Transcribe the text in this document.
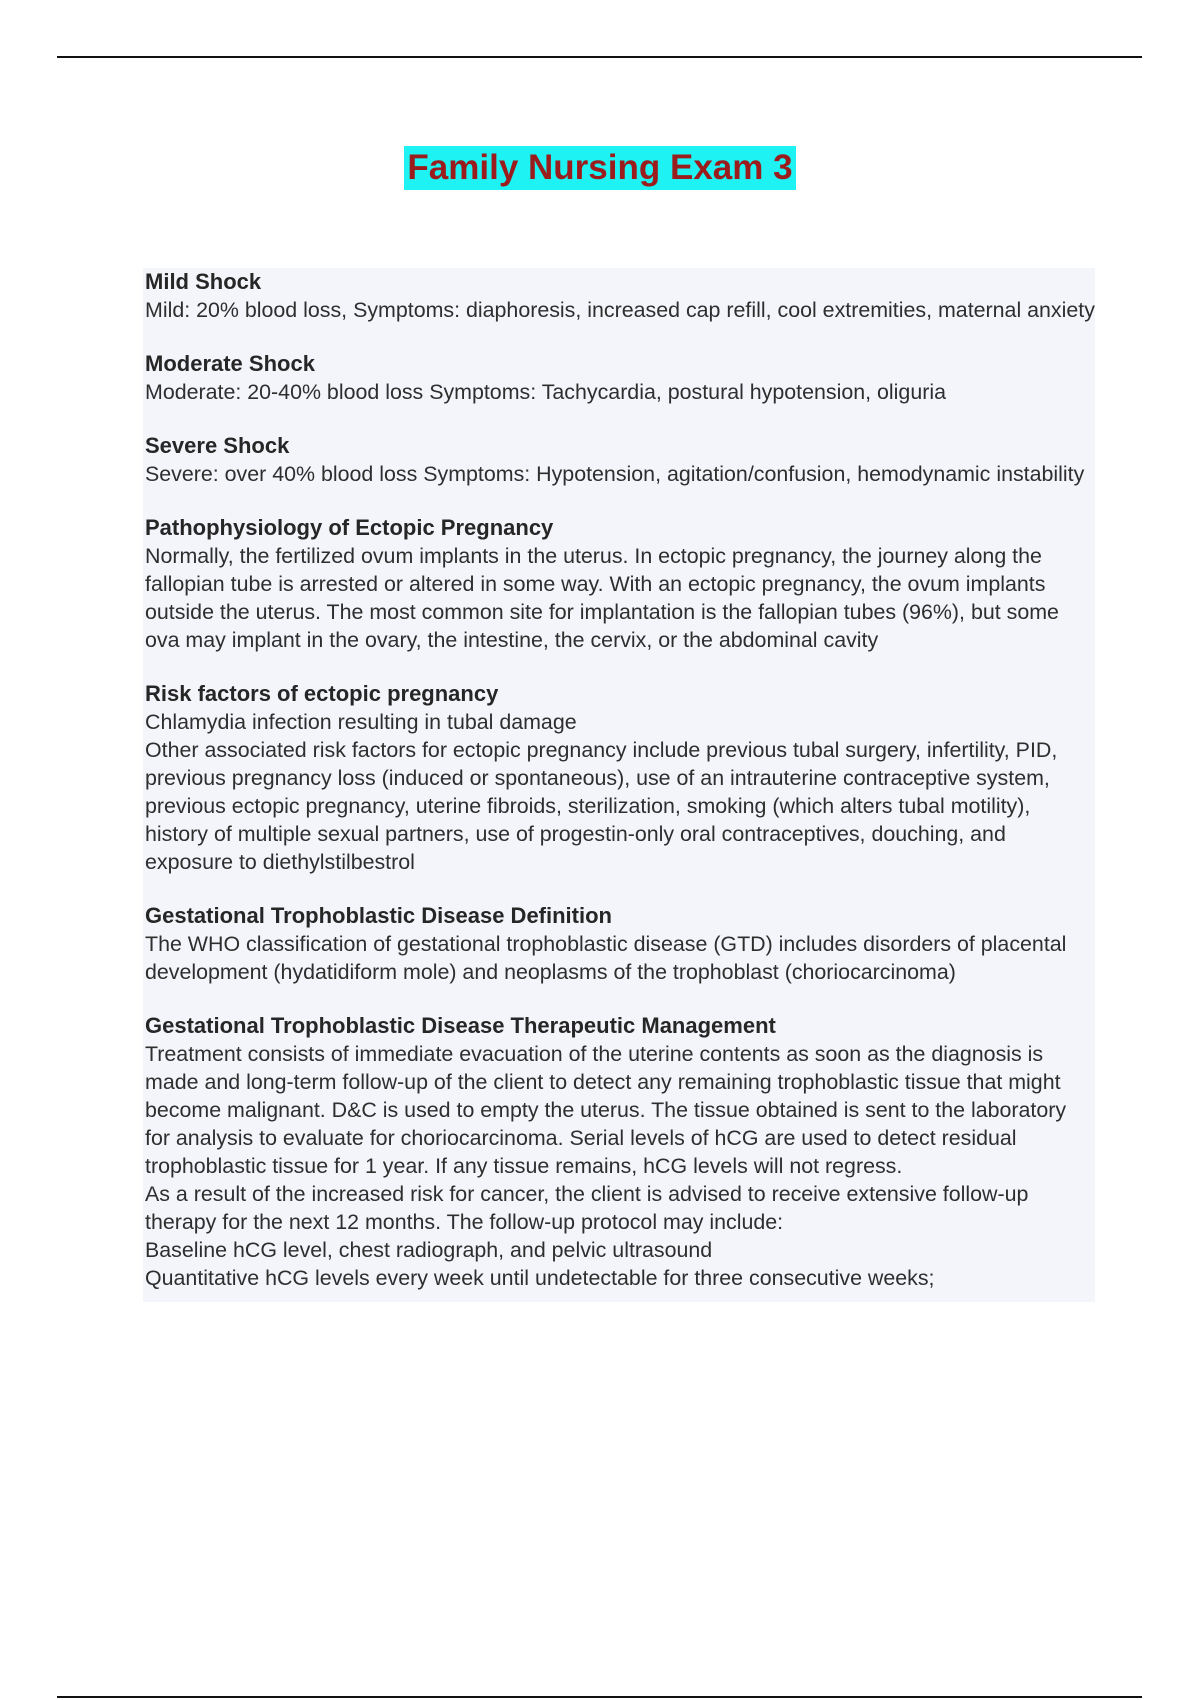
Family Nursing Exam 3
Mild Shock

Mild: 20% blood loss, Symptoms: diaphoresis, increased cap refill, cool extremities, maternal anxiety

Moderate Shock

Moderate: 20-40% blood loss Symptoms: Tachycardia, postural hypotension, oliguria

Severe Shock

Severe: over 40% blood loss Symptoms: Hypotension, agitation/confusion, hemodynamic instability

Pathophysiology of Ectopic Pregnancy

Normally, the fertilized ovum implants in the uterus. In ectopic pregnancy, the journey along the fallopian tube is arrested or altered in some way. With an ectopic pregnancy, the ovum implants outside the uterus. The most common site for implantation is the fallopian tubes (96%), but some ova may implant in the ovary, the intestine, the cervix, or the abdominal cavity

Risk factors of ectopic pregnancy

Chlamydia infection resulting in tubal damage

Other associated risk factors for ectopic pregnancy include previous tubal surgery, infertility, PID, previous pregnancy loss (induced or spontaneous), use of an intrauterine contraceptive system, previous ectopic pregnancy, uterine fibroids, sterilization, smoking (which alters tubal motility), history of multiple sexual partners, use of progestin-only oral contraceptives, douching, and exposure to diethylstilbestrol

Gestational Trophoblastic Disease Definition

The WHO classification of gestational trophoblastic disease (GTD) includes disorders of placental development (hydatidiform mole) and neoplasms of the trophoblast (choriocarcinoma)

Gestational Trophoblastic Disease Therapeutic Management

Treatment consists of immediate evacuation of the uterine contents as soon as the diagnosis is made and long-term follow-up of the client to detect any remaining trophoblastic tissue that might become malignant. D&C is used to empty the uterus. The tissue obtained is sent to the laboratory for analysis to evaluate for choriocarcinoma. Serial levels of hCG are used to detect residual trophoblastic tissue for 1 year. If any tissue remains, hCG levels will not regress.

As a result of the increased risk for cancer, the client is advised to receive extensive follow-up therapy for the next 12 months. The follow-up protocol may include:

Baseline hCG level, chest radiograph, and pelvic ultrasound

Quantitative hCG levels every week until undetectable for three consecutive weeks;
